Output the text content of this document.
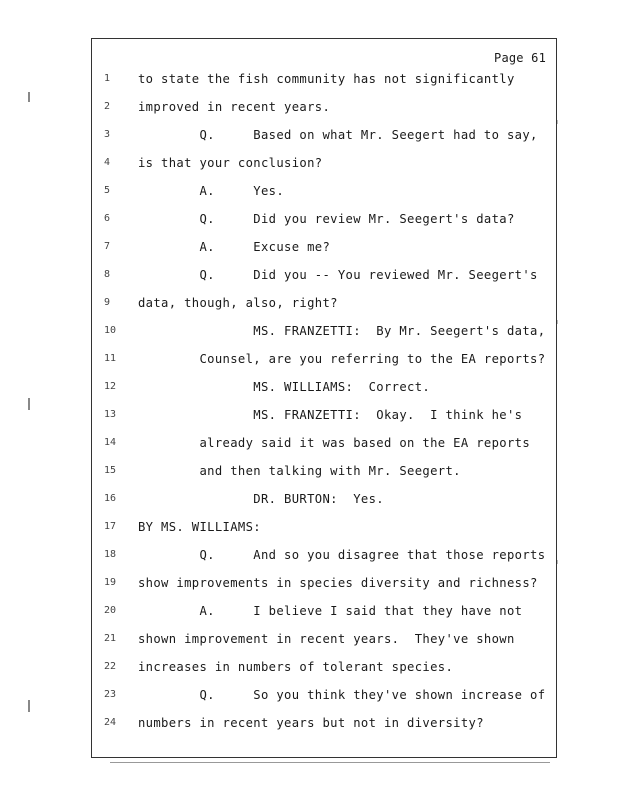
Page 61
1	to state the fish community has not significantly
2	improved in recent years.
3	Q.     Based on what Mr. Seegert had to say,
4	is that your conclusion?
5	A.     Yes.
6	Q.     Did you review Mr. Seegert's data?
7	A.     Excuse me?
8	Q.     Did you -- You reviewed Mr. Seegert's
9	data, though, also, right?
10	MS. FRANZETTI:  By Mr. Seegert's data,
11	Counsel, are you referring to the EA reports?
12	MS. WILLIAMS:  Correct.
13	MS. FRANZETTI:  Okay.  I think he's
14	already said it was based on the EA reports
15	and then talking with Mr. Seegert.
16	DR. BURTON:  Yes.
17	BY MS. WILLIAMS:
18	Q.     And so you disagree that those reports
19	show improvements in species diversity and richness?
20	A.     I believe I said that they have not
21	shown improvement in recent years.  They've shown
22	increases in numbers of tolerant species.
23	Q.     So you think they've shown increase of
24	numbers in recent years but not in diversity?
